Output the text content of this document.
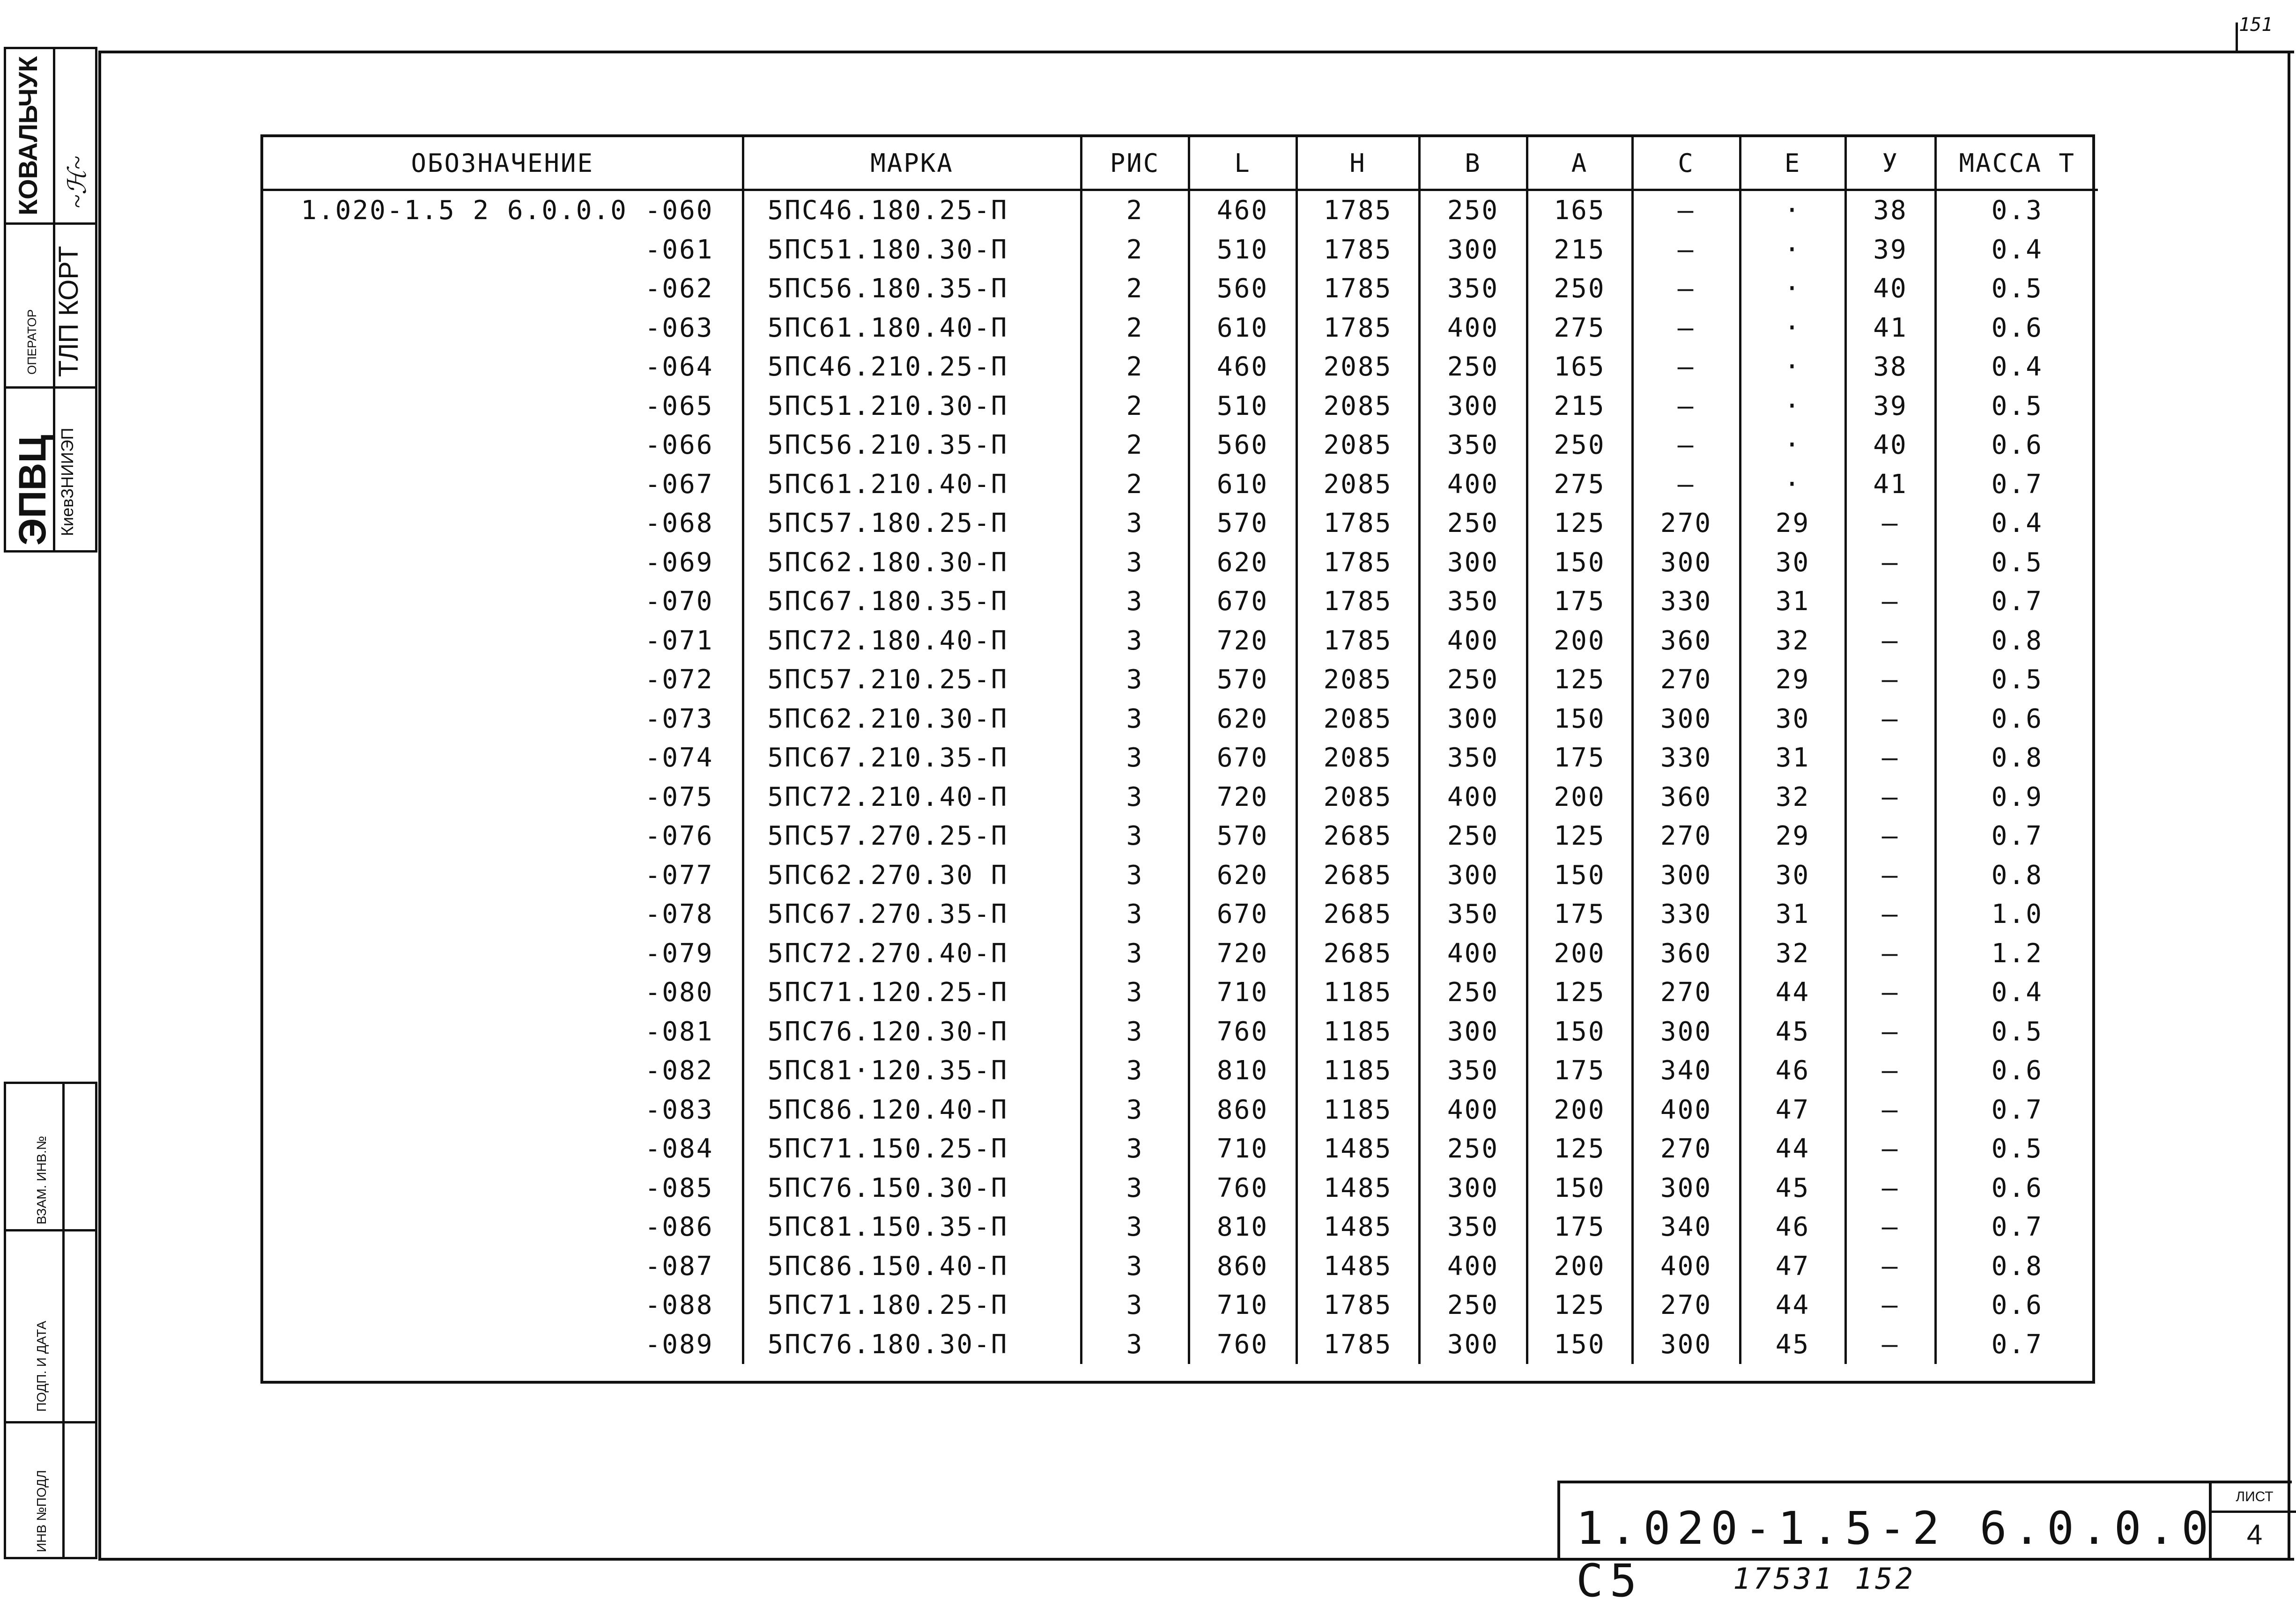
151
КОВАЛЬЧУК ~ℋ~
ОПЕРАТОР ТЛП КОРТ
ЭПВЦ КиевЗНИИЭП
ВЗАМ. ИНВ.№
ПОДП. И ДАТА
ИНВ №ПОДЛ
ОБОЗНАЧЕНИЕ	МАРКА	РИС	L	H	B	A	C	E	У	МАССА Т
1.020-1.5 2 6.0.0.0 -060	5ПС46.180.25-П	2	460	1785	250	165	–	·	38	0.3
-061	5ПС51.180.30-П	2	510	1785	300	215	–	·	39	0.4
-062	5ПС56.180.35-П	2	560	1785	350	250	–	·	40	0.5
-063	5ПС61.180.40-П	2	610	1785	400	275	–	·	41	0.6
-064	5ПС46.210.25-П	2	460	2085	250	165	–	·	38	0.4
-065	5ПС51.210.30-П	2	510	2085	300	215	–	·	39	0.5
-066	5ПС56.210.35-П	2	560	2085	350	250	–	·	40	0.6
-067	5ПС61.210.40-П	2	610	2085	400	275	–	·	41	0.7
-068	5ПС57.180.25-П	3	570	1785	250	125	270	29	–	0.4
-069	5ПС62.180.30-П	3	620	1785	300	150	300	30	–	0.5
-070	5ПС67.180.35-П	3	670	1785	350	175	330	31	–	0.7
-071	5ПС72.180.40-П	3	720	1785	400	200	360	32	–	0.8
-072	5ПС57.210.25-П	3	570	2085	250	125	270	29	–	0.5
-073	5ПС62.210.30-П	3	620	2085	300	150	300	30	–	0.6
-074	5ПС67.210.35-П	3	670	2085	350	175	330	31	–	0.8
-075	5ПС72.210.40-П	3	720	2085	400	200	360	32	–	0.9
-076	5ПС57.270.25-П	3	570	2685	250	125	270	29	–	0.7
-077	5ПС62.270.30 П	3	620	2685	300	150	300	30	–	0.8
-078	5ПС67.270.35-П	3	670	2685	350	175	330	31	–	1.0
-079	5ПС72.270.40-П	3	720	2685	400	200	360	32	–	1.2
-080	5ПС71.120.25-П	3	710	1185	250	125	270	44	–	0.4
-081	5ПС76.120.30-П	3	760	1185	300	150	300	45	–	0.5
-082	5ПС81·120.35-П	3	810	1185	350	175	340	46	–	0.6
-083	5ПС86.120.40-П	3	860	1185	400	200	400	47	–	0.7
-084	5ПС71.150.25-П	3	710	1485	250	125	270	44	–	0.5
-085	5ПС76.150.30-П	3	760	1485	300	150	300	45	–	0.6
-086	5ПС81.150.35-П	3	810	1485	350	175	340	46	–	0.7
-087	5ПС86.150.40-П	3	860	1485	400	200	400	47	–	0.8
-088	5ПС71.180.25-П	3	710	1785	250	125	270	44	–	0.6
-089	5ПС76.180.30-П	3	760	1785	300	150	300	45	–	0.7
1.020-1.5-2 6.0.0.0 С5
ЛИСТ
4
17531 152
